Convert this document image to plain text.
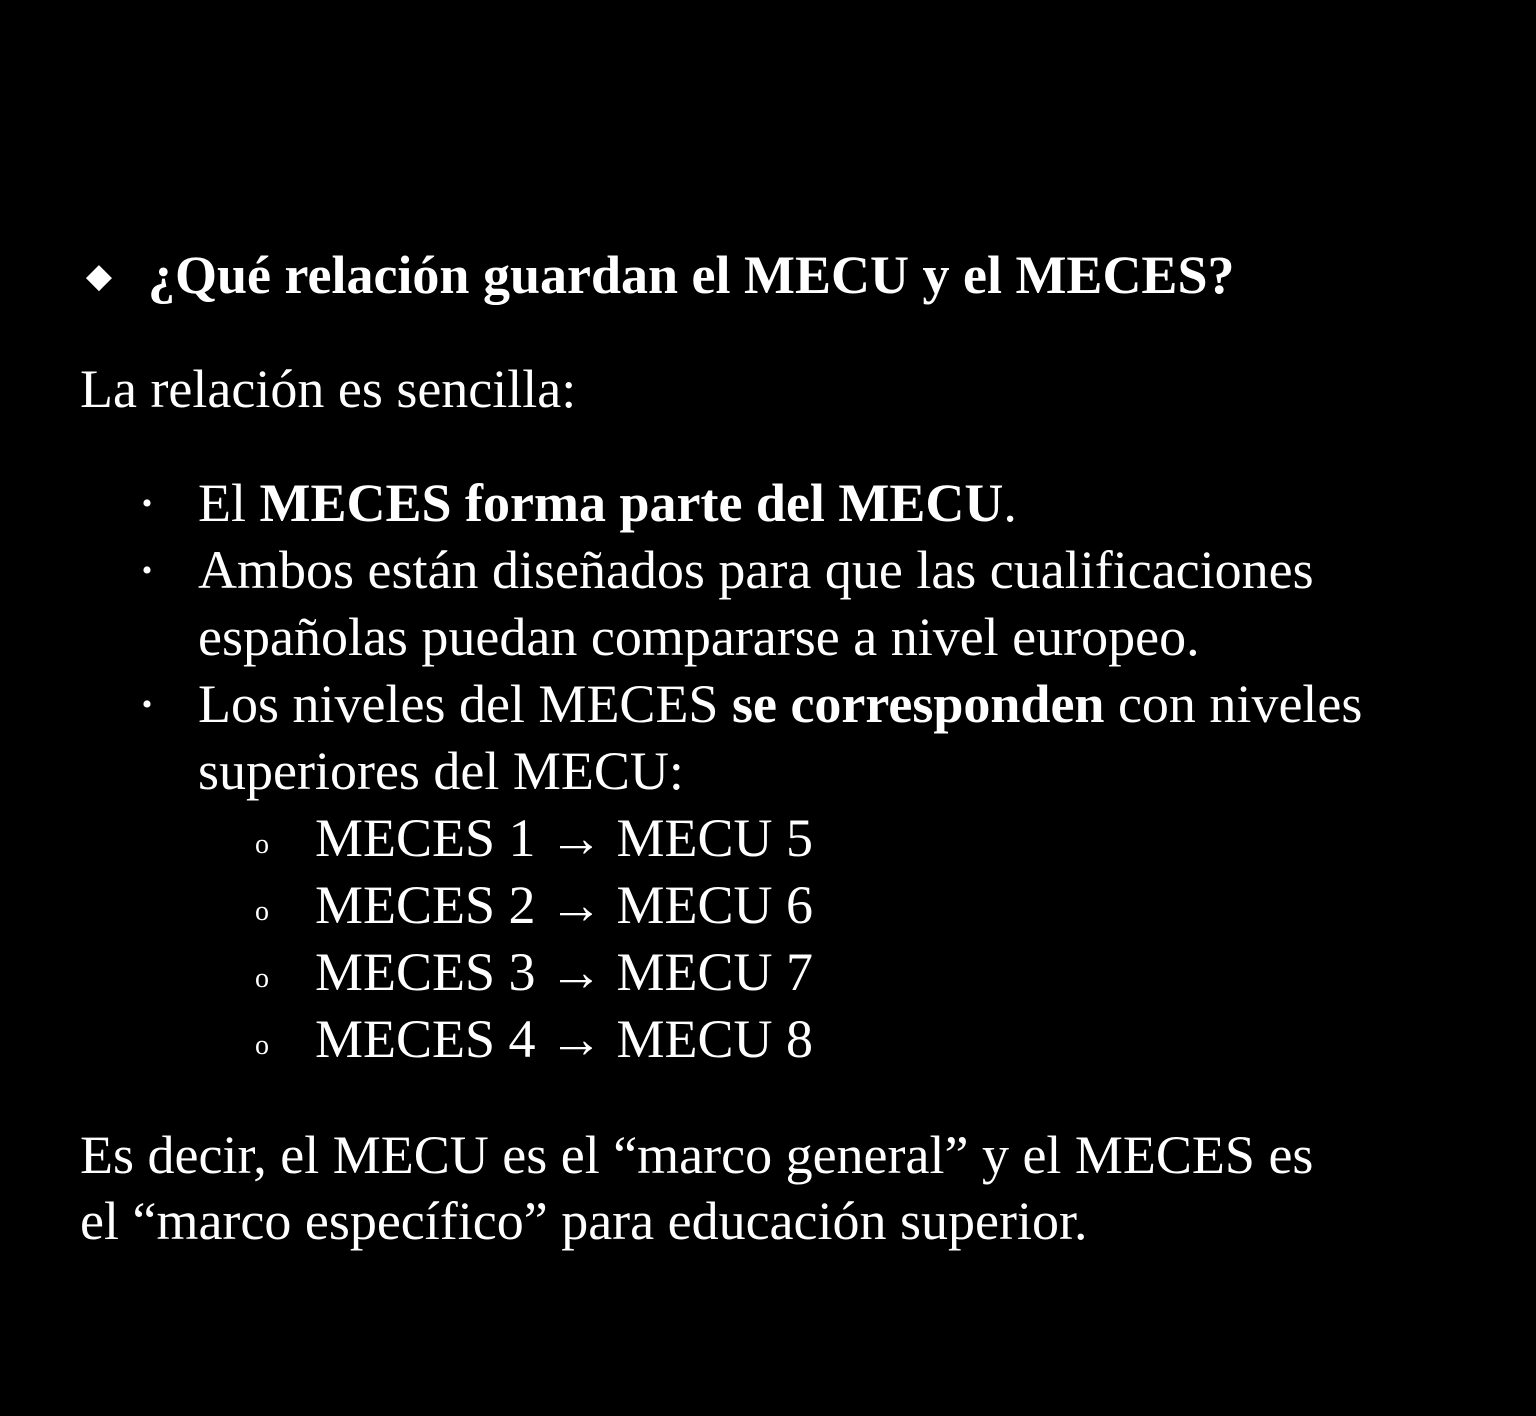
◆ ¿Qué relación guardan el MECU y el MECES?
La relación es sencilla:
• El MECES forma parte del MECU.
• Ambos están diseñados para que las cualificaciones
españolas puedan compararse a nivel europeo.
• Los niveles del MECES se corresponden con niveles
superiores del MECU:
o MECES 1 → MECU 5
o MECES 2 → MECU 6
o MECES 3 → MECU 7
o MECES 4 → MECU 8
Es decir, el MECU es el “marco general” y el MECES es
el “marco específico” para educación superior.
